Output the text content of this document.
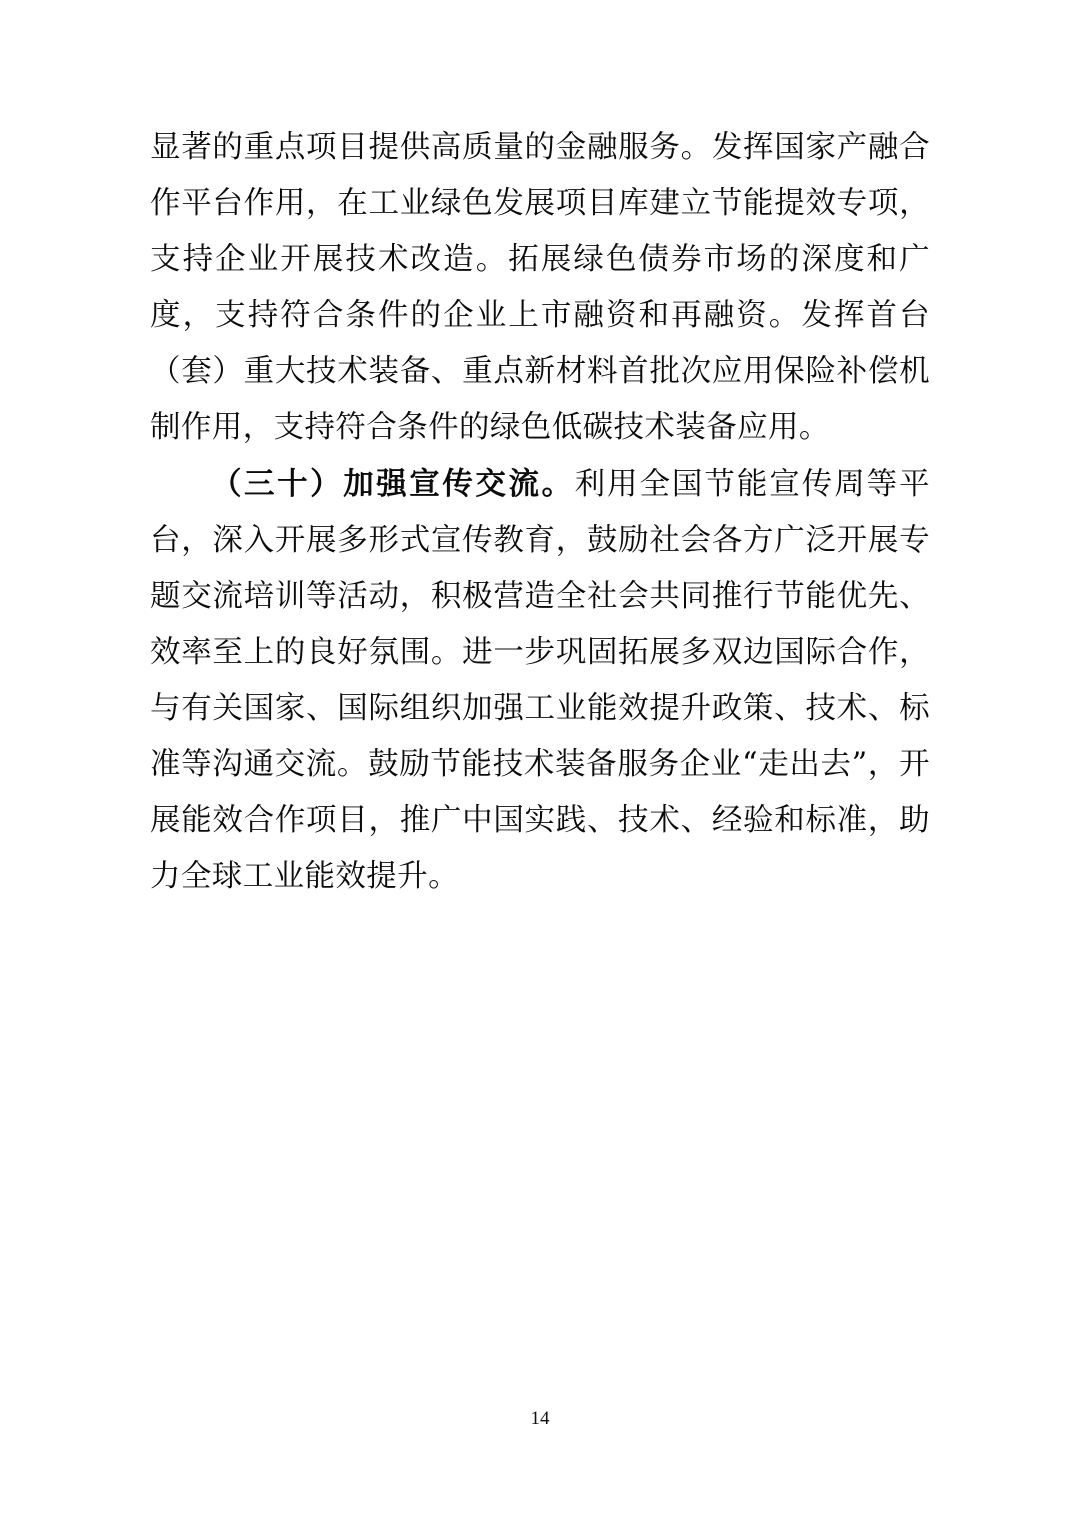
显著的重点项目提供高质量的金融服务。发挥国家产融合作平台作用，在工业绿色发展项目库建立节能提效专项，支持企业开展技术改造。拓展绿色债券市场的深度和广度，支持符合条件的企业上市融资和再融资。发挥首台（套）重大技术装备、重点新材料首批次应用保险补偿机制作用，支持符合条件的绿色低碳技术装备应用。

（三十）加强宣传交流。利用全国节能宣传周等平台，深入开展多形式宣传教育，鼓励社会各方广泛开展专题交流培训等活动，积极营造全社会共同推行节能优先、效率至上的良好氛围。进一步巩固拓展多双边国际合作，与有关国家、国际组织加强工业能效提升政策、技术、标准等沟通交流。鼓励节能技术装备服务企业“走出去”，开展能效合作项目，推广中国实践、技术、经验和标准，助力全球工业能效提升。

14
